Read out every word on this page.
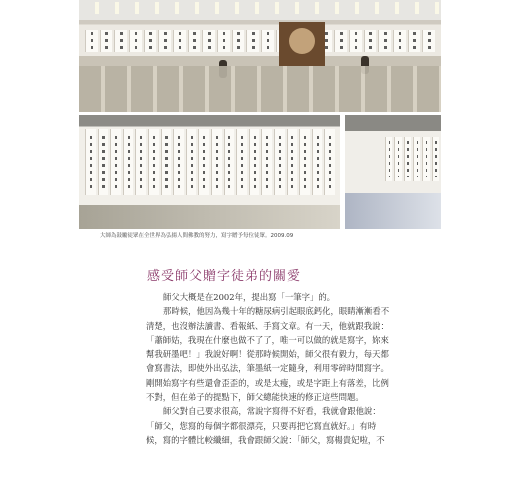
大師為鼓勵徒眾在全世界為弘揚人間佛教的努力，寫字贈予每位徒眾。2009.09
感受師父贈字徒弟的關愛

師父大概是在2002年，提出寫「一筆字」的。

那時候，他因為幾十年的糖尿病引起眼底鈣化，眼睛漸漸看不

清楚，也沒辦法讀書、看報紙、手寫文章。有一天，他就跟我說：

「蕭師姑，我現在什麼也做不了了，唯一可以做的就是寫字，妳來

幫我研墨吧！」我說好啊！從那時候開始，師父很有毅力，每天都

會寫書法，即使外出弘法，筆墨紙一定隨身，利用零碎時間寫字。

剛開始寫字有些還會歪歪的，或是太瘦，或是字距上有落差，比例

不對，但在弟子的提點下，師父總能快速的修正這些問題。

師父對自己要求很高，常說字寫得不好看，我就會跟他說：

「師父，您寫的每個字都很漂亮，只要再把它寫直就好。」有時

候，寫的字體比較纖細，我會跟師父說：「師父，寫楊貴妃啦，不
